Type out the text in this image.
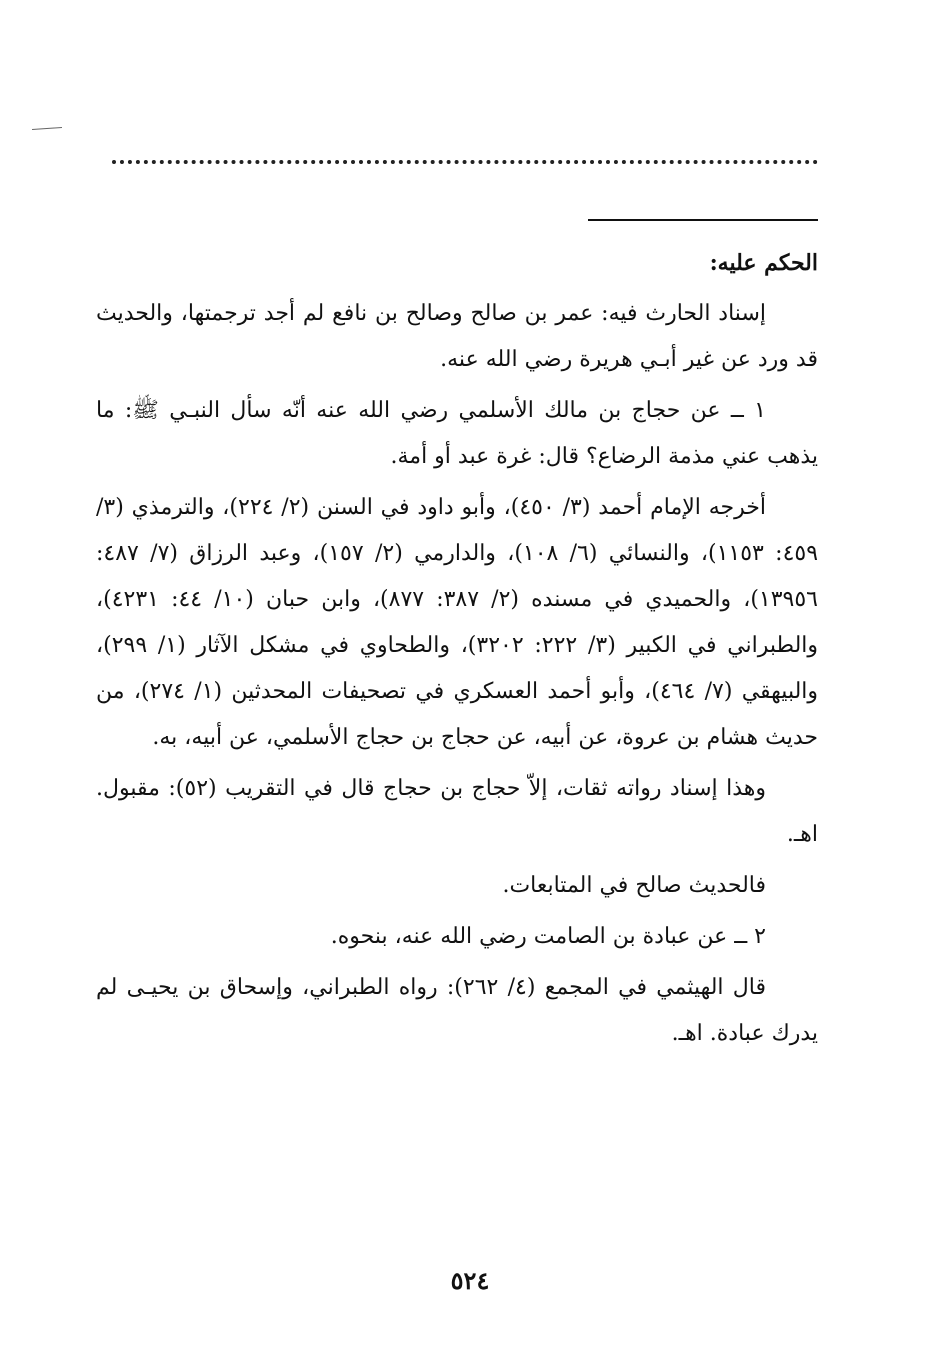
الحكم عليه:

إسناد الحارث فيه: عمر بن صالح وصالح بن نافع لم أجد ترجمتها، والحديث قد ورد عن غير أبـي هريرة رضي الله عنه.

١ ــ عن حجاج بن مالك الأسلمي رضي الله عنه أنّه سأل النبـي ﷺ: ما يذهب عني مذمة الرضاع؟ قال: غرة عبد أو أمة.

أخرجه الإمام أحمد (٣/ ٤٥٠)، وأبو داود في السنن (٢/ ٢٢٤)، والترمذي (٣/ ٤٥٩: ١١٥٣)، والنسائي (٦/ ١٠٨)، والدارمي (٢/ ١٥٧)، وعبد الرزاق (٧/ ٤٨٧: ١٣٩٥٦)، والحميدي في مسنده (٢/ ٣٨٧: ٨٧٧)، وابن حبان (١٠/ ٤٤: ٤٢٣١)، والطبراني في الكبير (٣/ ٢٢٢: ٣٢٠٢)، والطحاوي في مشكل الآثار (١/ ٢٩٩)، والبيهقي (٧/ ٤٦٤)، وأبو أحمد العسكري في تصحيفات المحدثين (١/ ٢٧٤)، من حديث هشام بن عروة، عن أبيه، عن حجاج بن حجاج الأسلمي، عن أبيه، به.

وهذا إسناد رواته ثقات، إلاّ حجاج بن حجاج قال في التقريب (٥٢): مقبول. اهـ.

فالحديث صالح في المتابعات.

٢ ــ عن عبادة بن الصامت رضي الله عنه، بنحوه.

قال الهيثمي في المجمع (٤/ ٢٦٢): رواه الطبراني، وإسحاق بن يحيـى لم يدرك عبادة. اهـ.

٥٢٤
